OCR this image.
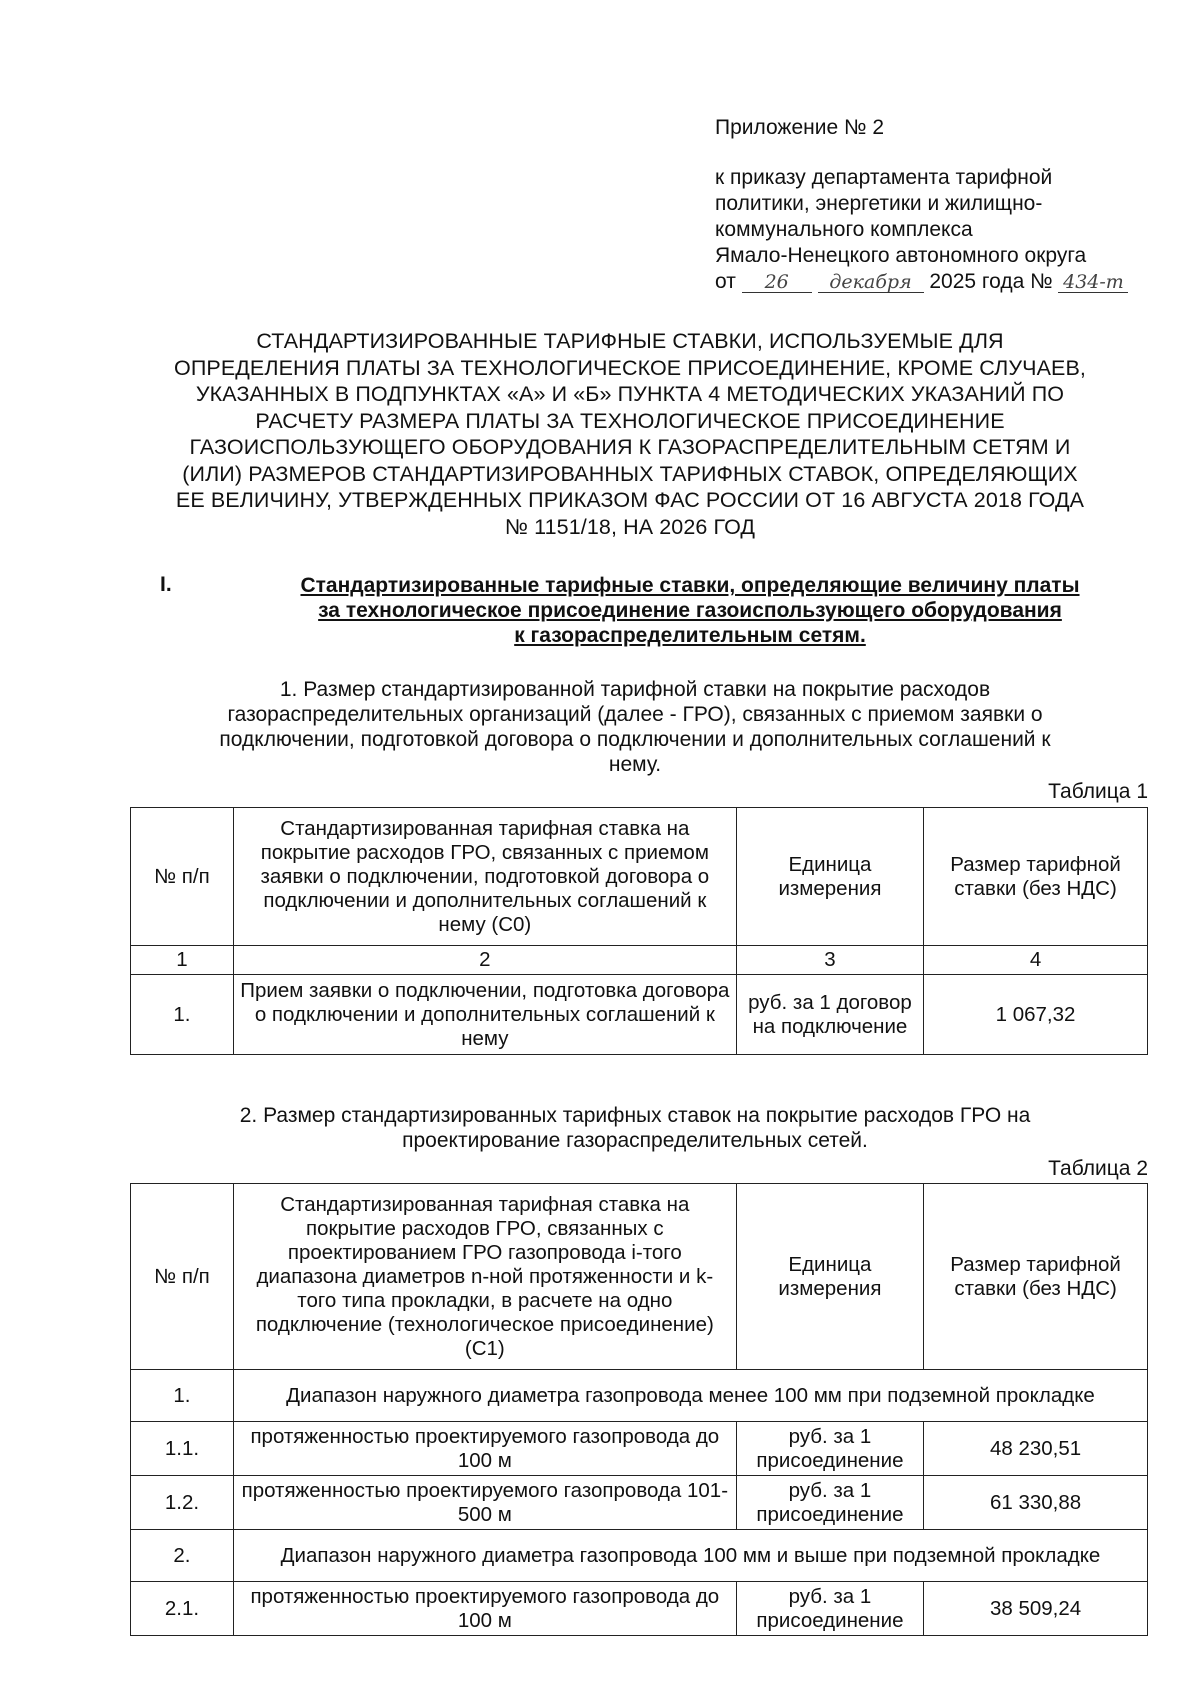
Приложение № 2
к приказу департамента тарифной
политики, энергетики и жилищно-
коммунального комплекса
Ямало-Ненецкого автономного округа
от 26 декабря 2025 года № 434-т
СТАНДАРТИЗИРОВАННЫЕ ТАРИФНЫЕ СТАВКИ, ИСПОЛЬЗУЕМЫЕ ДЛЯ
ОПРЕДЕЛЕНИЯ ПЛАТЫ ЗА ТЕХНОЛОГИЧЕСКОЕ ПРИСОЕДИНЕНИЕ, КРОМЕ СЛУЧАЕВ,
УКАЗАННЫХ В ПОДПУНКТАХ «А» И «Б» ПУНКТА 4 МЕТОДИЧЕСКИХ УКАЗАНИЙ ПО
РАСЧЕТУ РАЗМЕРА ПЛАТЫ ЗА ТЕХНОЛОГИЧЕСКОЕ ПРИСОЕДИНЕНИЕ
ГАЗОИСПОЛЬЗУЮЩЕГО ОБОРУДОВАНИЯ К ГАЗОРАСПРЕДЕЛИТЕЛЬНЫМ СЕТЯМ И
(ИЛИ) РАЗМЕРОВ СТАНДАРТИЗИРОВАННЫХ ТАРИФНЫХ СТАВОК, ОПРЕДЕЛЯЮЩИХ
ЕЕ ВЕЛИЧИНУ, УТВЕРЖДЕННЫХ ПРИКАЗОМ ФАС РОССИИ ОТ 16 АВГУСТА 2018 ГОДА
№ 1151/18, НА 2026 ГОД
I.	Стандартизированные тарифные ставки, определяющие величину платы
за технологическое присоединение газоиспользующего оборудования
к газораспределительным сетям.
1. Размер стандартизированной тарифной ставки на покрытие расходов
газораспределительных организаций (далее - ГРО), связанных с приемом заявки о
подключении, подготовкой договора о подключении и дополнительных соглашений к
нему.
Таблица 1
№ п/п	Стандартизированная тарифная ставка на покрытие расходов ГРО, связанных с приемом заявки о подключении, подготовкой договора о подключении и дополнительных соглашений к нему (C0)	Единица измерения	Размер тарифной ставки (без НДС)
1	2	3	4
1.	Прием заявки о подключении, подготовка договора о подключении и дополнительных соглашений к нему	руб. за 1 договор на подключение	1 067,32
2. Размер стандартизированных тарифных ставок на покрытие расходов ГРО на
проектирование газораспределительных сетей.
Таблица 2
№ п/п	Стандартизированная тарифная ставка на покрытие расходов ГРО, связанных с проектированием ГРО газопровода i-того диапазона диаметров n-ной протяженности и k-того типа прокладки, в расчете на одно подключение (технологическое присоединение) (C1)	Единица измерения	Размер тарифной ставки (без НДС)
1.	Диапазон наружного диаметра газопровода менее 100 мм при подземной прокладке		
1.1.	протяженностью проектируемого газопровода до 100 м	руб. за 1 присоединение	48 230,51
1.2.	протяженностью проектируемого газопровода 101-500 м	руб. за 1 присоединение	61 330,88
2.	Диапазон наружного диаметра газопровода 100 мм и выше при подземной прокладке		
2.1.	протяженностью проектируемого газопровода до 100 м	руб. за 1 присоединение	38 509,24
